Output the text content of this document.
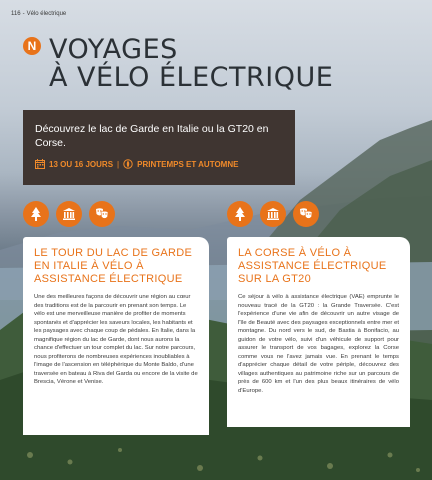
116 - Vélo électrique
N VOYAGES
À VÉLO ÉLECTRIQUE
Découvrez le lac de Garde en Italie ou la GT20 en Corse.
13 OU 16 JOURS | PRINTEMPS ET AUTOMNE
LE TOUR DU LAC DE GARDE EN ITALIE À VÉLO À ASSISTANCE ÉLECTRIQUE

Une des meilleures façons de découvrir une région au cœur des traditions est de la parcourir en prenant son temps. Le vélo est une merveilleuse manière de profiter de moments spontanés et d'apprécier les saveurs locales, les habitants et les paysages avec chaque coup de pédales. En Italie, dans la magnifique région du lac de Garde, dont nous aurons la chance d'effectuer un tour complet du lac. Sur notre parcours, nous profiterons de nombreuses expériences inoubliables à l'image de l'ascension en téléphérique du Monte Baldo, d'une traversée en bateau à Riva del Garda ou encore de la visite de Brescia, Vérone et Venise.

LA CORSE À VÉLO À ASSISTANCE ÉLECTRIQUE SUR LA GT20

Ce séjour à vélo à assistance électrique (VAE) emprunte le nouveau tracé de la GT20 : la Grande Traversée. C'est l'expérience d'une vie afin de découvrir un autre visage de l'île de Beauté avec des paysages exceptionnels entre mer et montagne. Du nord vers le sud, de Bastia à Bonifacio, au guidon de votre vélo, suivi d'un véhicule de support pour assurer le transport de vos bagages, explorez la Corse comme vous ne l'avez jamais vue. En prenant le temps d'apprécier chaque détail de votre périple, découvrez des villages authentiques au patrimoine riche sur un parcours de près de 600 km et l'un des plus beaux itinéraires de vélo d'Europe.
